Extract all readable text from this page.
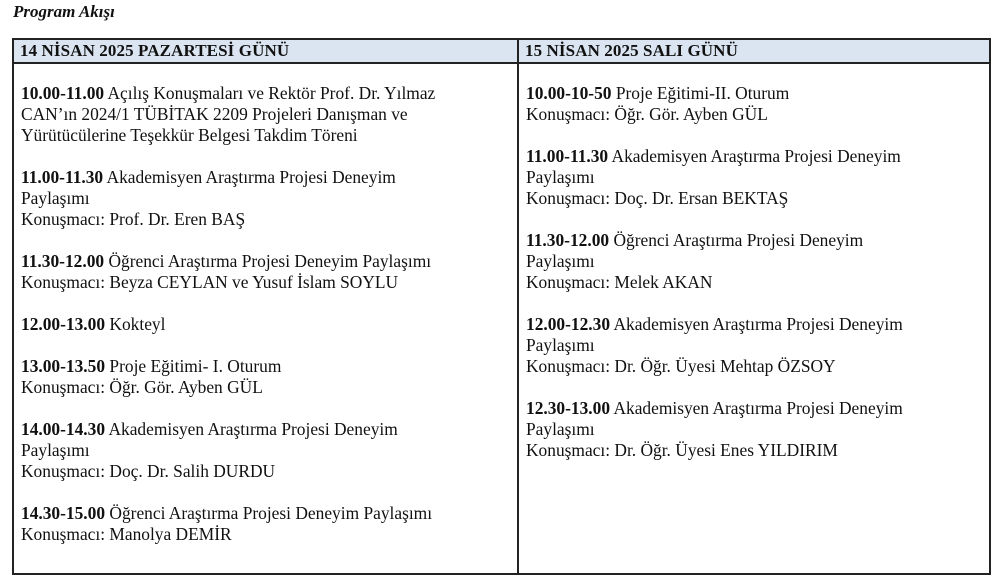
Program Akışı
14 NİSAN 2025 PAZARTESİ GÜNÜ	15 NİSAN 2025 SALI GÜNÜ
10.00-11.00 Açılış Konuşmaları ve Rektör Prof. Dr. Yılmaz
CAN’ın 2024/1 TÜBİTAK 2209 Projeleri Danışman ve
Yürütücülerine Teşekkür Belgesi Takdim Töreni
11.00-11.30 Akademisyen Araştırma Projesi Deneyim
Paylaşımı
Konuşmacı: Prof. Dr. Eren BAŞ
11.30-12.00 Öğrenci Araştırma Projesi Deneyim Paylaşımı
Konuşmacı: Beyza CEYLAN ve Yusuf İslam SOYLU
12.00-13.00 Kokteyl
13.00-13.50 Proje Eğitimi- I. Oturum
Konuşmacı: Öğr. Gör. Ayben GÜL
14.00-14.30 Akademisyen Araştırma Projesi Deneyim
Paylaşımı
Konuşmacı: Doç. Dr. Salih DURDU
14.30-15.00 Öğrenci Araştırma Projesi Deneyim Paylaşımı
Konuşmacı: Manolya DEMİR
10.00-10-50 Proje Eğitimi-II. Oturum
Konuşmacı: Öğr. Gör. Ayben GÜL
11.00-11.30 Akademisyen Araştırma Projesi Deneyim
Paylaşımı
Konuşmacı: Doç. Dr. Ersan BEKTAŞ
11.30-12.00 Öğrenci Araştırma Projesi Deneyim
Paylaşımı
Konuşmacı: Melek AKAN
12.00-12.30 Akademisyen Araştırma Projesi Deneyim
Paylaşımı
Konuşmacı: Dr. Öğr. Üyesi Mehtap ÖZSOY
12.30-13.00 Akademisyen Araştırma Projesi Deneyim
Paylaşımı
Konuşmacı: Dr. Öğr. Üyesi Enes YILDIRIM
